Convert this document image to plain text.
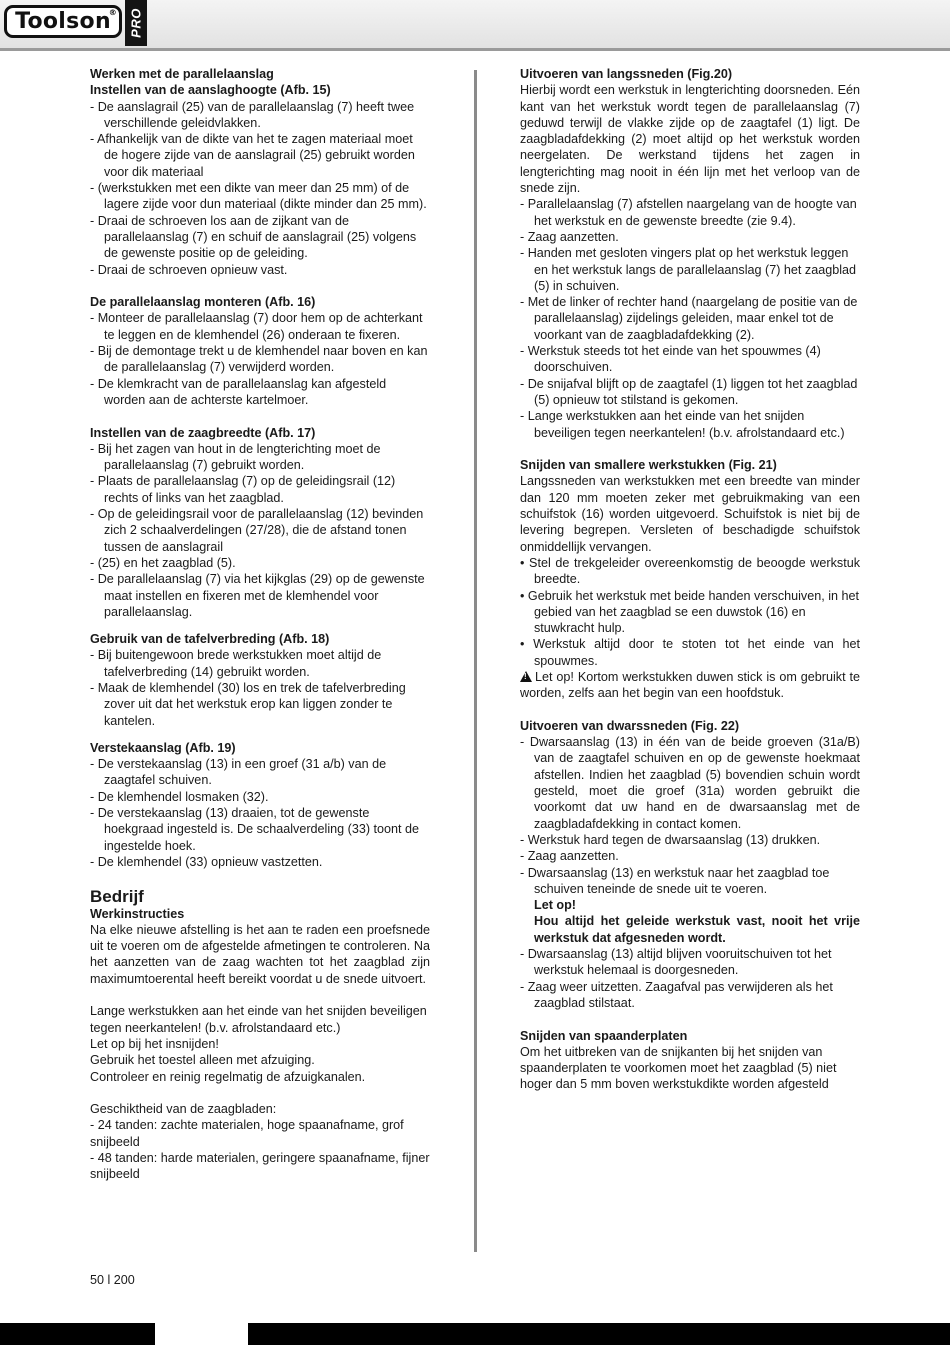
Toolson
® PRO
Werken met de parallelaanslag
Instellen van de aanslaghoogte (Afb. 15)
- De aanslagrail (25) van de parallelaanslag (7) heeft twee verschillende geleidvlakken.
- Afhankelijk van de dikte van het te zagen materiaal moet de hogere zijde van de aanslagrail (25) gebruikt worden voor dik materiaal
- (werkstukken met een dikte van meer dan 25 mm) of de lagere zijde voor dun materiaal (dikte minder dan 25 mm).
- Draai de schroeven los aan de zijkant van de parallelaanslag (7) en schuif de aanslagrail (25) volgens de gewenste positie op de geleiding.
- Draai de schroeven opnieuw vast.
De parallelaanslag monteren (Afb. 16)
- Monteer de parallelaanslag (7) door hem op de achterkant te leggen en de klemhendel (26) onderaan te fixeren.
- Bij de demontage trekt u de klemhendel naar boven en kan de parallelaanslag (7) verwijderd worden.
- De klemkracht van de parallelaanslag kan afgesteld worden aan de achterste kartelmoer.
Instellen van de zaagbreedte (Afb. 17)
- Bij het zagen van hout in de lengterichting moet de parallelaanslag (7) gebruikt worden.
- Plaats de parallelaanslag (7) op de geleidingsrail (12) rechts of links van het zaagblad.
- Op de geleidingsrail voor de parallelaanslag (12) bevinden zich 2 schaalverdelingen (27/28), die de afstand tonen tussen de aanslagrail
- (25) en het zaagblad (5).
- De parallelaanslag (7) via het kijkglas (29) op de gewenste maat instellen en fixeren met de klemhendel voor parallelaanslag.
Gebruik van de tafelverbreding (Afb. 18)
- Bij buitengewoon brede werkstukken moet altijd de tafelverbreding (14) gebruikt worden.
- Maak de klemhendel (30) los en trek de tafelverbreding zover uit dat het werkstuk erop kan liggen zonder te kantelen.
Verstekaanslag (Afb. 19)
- De verstekaanslag (13) in een groef (31 a/b) van de zaagtafel schuiven.
- De klemhendel losmaken (32).
- De verstekaanslag (13) draaien, tot de gewenste hoekgraad ingesteld is. De schaalverdeling (33) toont de ingestelde hoek.
- De klemhendel (33) opnieuw vastzetten.
Bedrijf
Werkinstructies
Na elke nieuwe afstelling is het aan te raden een proefsnede uit te voeren om de afgestelde afmetingen te controleren. Na het aanzetten van de zaag wachten tot het zaagblad zijn maximumtoerental heeft bereikt voordat u de snede uitvoert.
Lange werkstukken aan het einde van het snijden beveiligen tegen neerkantelen! (b.v. afrolstandaard etc.)
Let op bij het insnijden!
Gebruik het toestel alleen met afzuiging.
Controleer en reinig regelmatig de afzuigkanalen.
Geschiktheid van de zaagbladen:
- 24 tanden: zachte materialen, hoge spaanafname, grof snijbeeld
- 48 tanden: harde materialen, geringere spaanafname, fijner snijbeeld
Uitvoeren van langssneden (Fig.20)
Hierbij wordt een werkstuk in lengterichting doorsneden. Eén kant van het werkstuk wordt tegen de parallelaanslag (7) geduwd terwijl de vlakke zijde op de zaagtafel (1) ligt. De zaagbladafdekking (2) moet altijd op het werkstuk worden neergelaten. De werkstand tijdens het zagen in lengterichting mag nooit in één lijn met het verloop van de snede zijn.
- Parallelaanslag (7) afstellen naargelang van de hoogte van het werkstuk en de gewenste breedte (zie 9.4).
- Zaag aanzetten.
- Handen met gesloten vingers plat op het werkstuk leggen en het werkstuk langs de parallelaanslag (7) het zaagblad (5) in schuiven.
- Met de linker of rechter hand (naargelang de positie van de parallelaanslag) zijdelings geleiden, maar enkel tot de voorkant van de zaagbladafdekking (2).
- Werkstuk steeds tot het einde van het spouwmes (4) doorschuiven.
- De snijafval blijft op de zaagtafel (1) liggen tot het zaagblad (5) opnieuw tot stilstand is gekomen.
- Lange werkstukken aan het einde van het snijden beveiligen tegen neerkantelen! (b.v. afrolstandaard etc.)
Snijden van smallere werkstukken (Fig. 21)
Langssneden van werkstukken met een breedte van minder dan 120 mm moeten zeker met gebruikmaking van een schuifstok (16) worden uitgevoerd. Schuifstok is niet bij de levering begrepen. Versleten of beschadigde schuifstok onmiddellijk vervangen.
• Stel de trekgeleider overeenkomstig de beoogde werkstuk breedte.
• Gebruik het werkstuk met beide handen verschuiven, in het gebied van het zaagblad se een duwstok (16) en stuwkracht hulp.
• Werkstuk altijd door te stoten tot het einde van het spouwmes.
!Let op! Kortom werkstukken duwen stick is om gebruikt te worden, zelfs aan het begin van een hoofdstuk.
Uitvoeren van dwarssneden (Fig. 22)
- Dwarsaanslag (13) in één van de beide groeven (31a/B) van de zaagtafel schuiven en op de gewenste hoekmaat afstellen. Indien het zaagblad (5) bovendien schuin wordt gesteld, moet die groef (31a) worden gebruikt die voorkomt dat uw hand en de dwarsaanslag met de zaagbladafdekking in contact komen.
- Werkstuk hard tegen de dwarsaanslag (13) drukken.
- Zaag aanzetten.
- Dwarsaanslag (13) en werkstuk naar het zaagblad toe schuiven teneinde de snede uit te voeren.
Let op!
Hou altijd het geleide werkstuk vast, nooit het vrije werkstuk dat afgesneden wordt.
- Dwarsaanslag (13) altijd blijven vooruitschuiven tot het werkstuk helemaal is doorgesneden.
- Zaag weer uitzetten. Zaagafval pas verwijderen als het zaagblad stilstaat.
Snijden van spaanderplaten
Om het uitbreken van de snijkanten bij het snijden van spaanderplaten te voorkomen moet het zaagblad (5) niet hoger dan 5 mm boven werkstukdikte worden afgesteld
50 l 200
